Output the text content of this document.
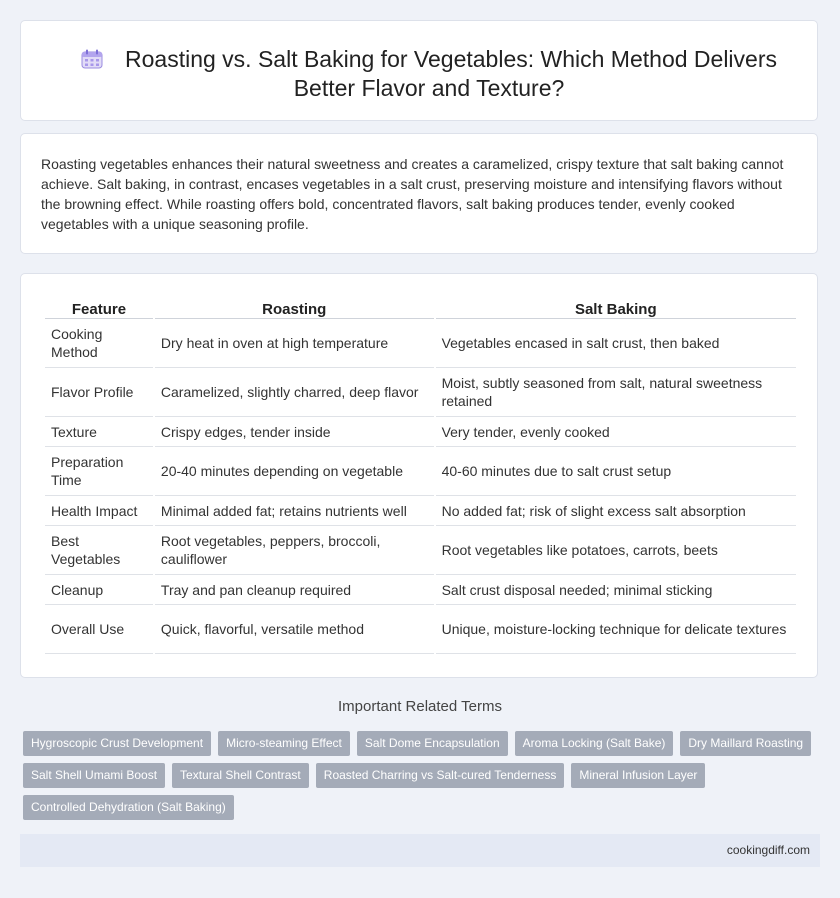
Roasting vs. Salt Baking for Vegetables: Which Method Delivers Better Flavor and Texture?

Roasting vegetables enhances their natural sweetness and creates a caramelized, crispy texture that salt baking cannot achieve. Salt baking, in contrast, encases vegetables in a salt crust, preserving moisture and intensifying flavors without the browning effect. While roasting offers bold, concentrated flavors, salt baking produces tender, evenly cooked vegetables with a unique seasoning profile.

Feature	Roasting	Salt Baking
Cooking Method	Dry heat in oven at high temperature	Vegetables encased in salt crust, then baked
Flavor Profile	Caramelized, slightly charred, deep flavor	Moist, subtly seasoned from salt, natural sweetness retained
Texture	Crispy edges, tender inside	Very tender, evenly cooked
Preparation Time	20-40 minutes depending on vegetable	40-60 minutes due to salt crust setup
Health Impact	Minimal added fat; retains nutrients well	No added fat; risk of slight excess salt absorption
Best Vegetables	Root vegetables, peppers, broccoli, cauliflower	Root vegetables like potatoes, carrots, beets
Cleanup	Tray and pan cleanup required	Salt crust disposal needed; minimal sticking
Overall Use	Quick, flavorful, versatile method	Unique, moisture-locking technique for delicate textures
Important Related Terms
Hygroscopic Crust Development	Micro-steaming Effect	Salt Dome Encapsulation	Aroma Locking (Salt Bake)	Dry Maillard Roasting
Salt Shell Umami Boost	Textural Shell Contrast	Roasted Charring vs Salt-cured Tenderness	Mineral Infusion Layer
Controlled Dehydration (Salt Baking)
cookingdiff.com
